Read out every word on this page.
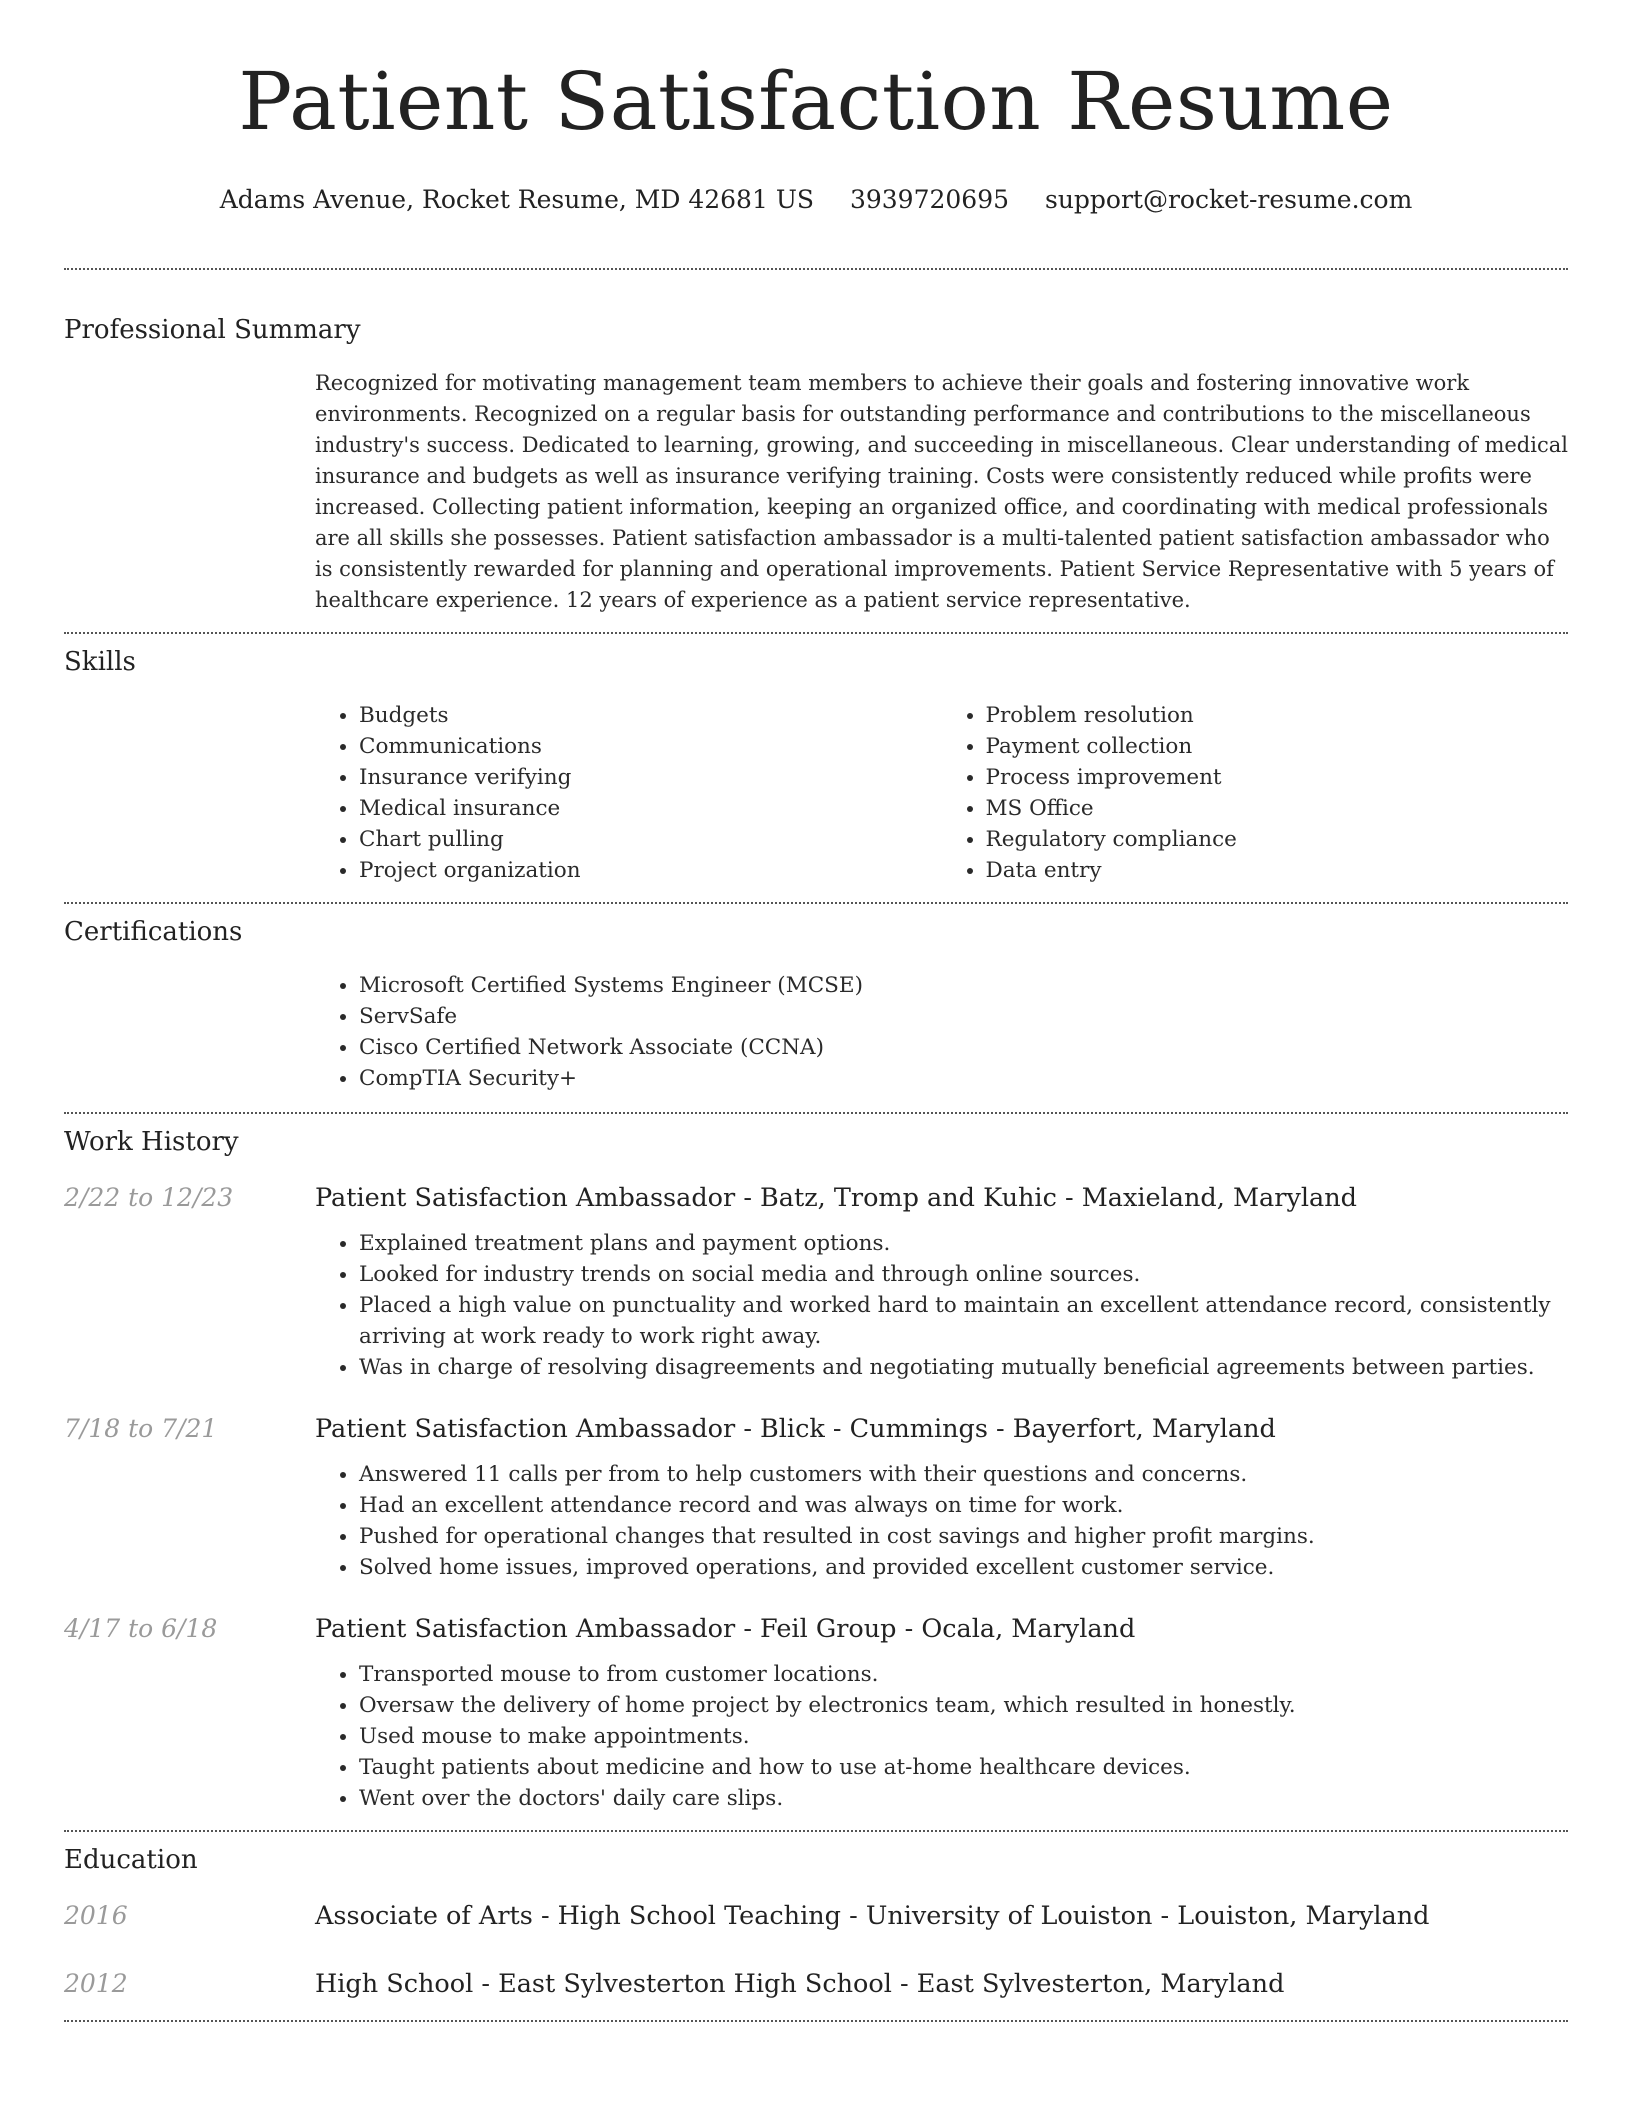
Patient Satisfaction Resume
Adams Avenue, Rocket Resume, MD 42681 US 3939720695 support@rocket-resume.com
Professional Summary
Recognized for motivating management team members to achieve their goals and fostering innovative work environments. Recognized on a regular basis for outstanding performance and contributions to the miscellaneous industry's success. Dedicated to learning, growing, and succeeding in miscellaneous. Clear understanding of medical insurance and budgets as well as insurance verifying training. Costs were consistently reduced while profits were increased. Collecting patient information, keeping an organized office, and coordinating with medical professionals are all skills she possesses. Patient satisfaction ambassador is a multi-talented patient satisfaction ambassador who is consistently rewarded for planning and operational improvements. Patient Service Representative with 5 years of healthcare experience. 12 years of experience as a patient service representative.
Skills
• Budgets
• Communications
• Insurance verifying
• Medical insurance
• Chart pulling
• Project organization
• Problem resolution
• Payment collection
• Process improvement
• MS Office
• Regulatory compliance
• Data entry
Certifications
• Microsoft Certified Systems Engineer (MCSE)
• ServSafe
• Cisco Certified Network Associate (CCNA)
• CompTIA Security+
Work History
2/22 to 12/23	Patient Satisfaction Ambassador - Batz, Tromp and Kuhic - Maxieland, Maryland
• Explained treatment plans and payment options.
• Looked for industry trends on social media and through online sources.
• Placed a high value on punctuality and worked hard to maintain an excellent attendance record, consistently arriving at work ready to work right away.
• Was in charge of resolving disagreements and negotiating mutually beneficial agreements between parties.
7/18 to 7/21	Patient Satisfaction Ambassador - Blick - Cummings - Bayerfort, Maryland
• Answered 11 calls per from to help customers with their questions and concerns.
• Had an excellent attendance record and was always on time for work.
• Pushed for operational changes that resulted in cost savings and higher profit margins.
• Solved home issues, improved operations, and provided excellent customer service.
4/17 to 6/18	Patient Satisfaction Ambassador - Feil Group - Ocala, Maryland
• Transported mouse to from customer locations.
• Oversaw the delivery of home project by electronics team, which resulted in honestly.
• Used mouse to make appointments.
• Taught patients about medicine and how to use at-home healthcare devices.
• Went over the doctors' daily care slips.
Education
2016	Associate of Arts - High School Teaching - University of Louiston - Louiston, Maryland
2012	High School - East Sylvesterton High School - East Sylvesterton, Maryland
